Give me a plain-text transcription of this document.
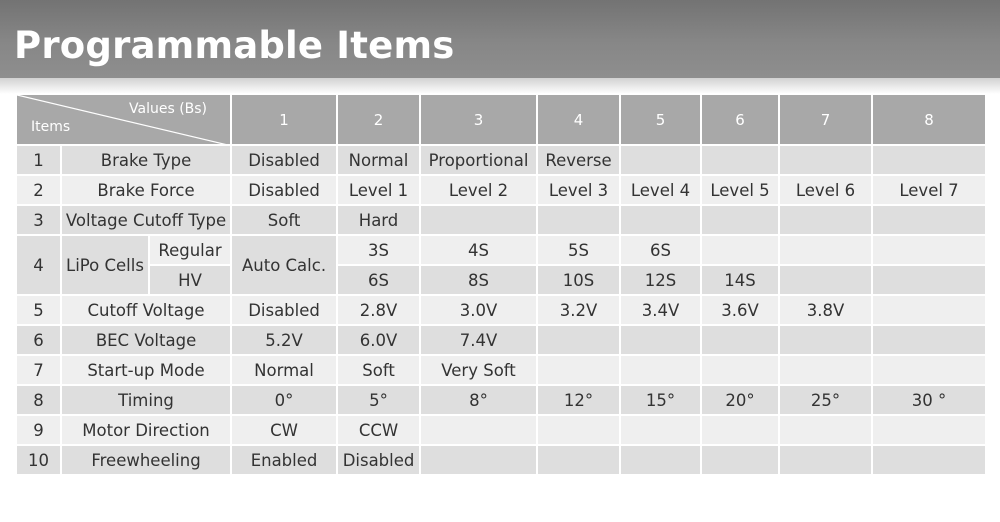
Programmable Items
Values (Bs)
Items			1	2	3	4	5	6	7	8
1	Brake Type		Disabled	Normal	Proportional	Reverse				
2	Brake Force		Disabled	Level 1	Level 2	Level 3	Level 4	Level 5	Level 6	Level 7
3	Voltage Cutoff Type		Soft	Hard						
4	LiPo Cells	Regular	Auto Calc.	3S	4S	5S	6S			
		HV		6S	8S	10S	12S	14S		
5	Cutoff Voltage		Disabled	2.8V	3.0V	3.2V	3.4V	3.6V	3.8V	
6	BEC Voltage		5.2V	6.0V	7.4V					
7	Start-up Mode		Normal	Soft	Very Soft					
8	Timing		0°	5°	8°	12°	15°	20°	25°	30 °
9	Motor Direction		CW	CCW						
10	Freewheeling		Enabled	Disabled						
